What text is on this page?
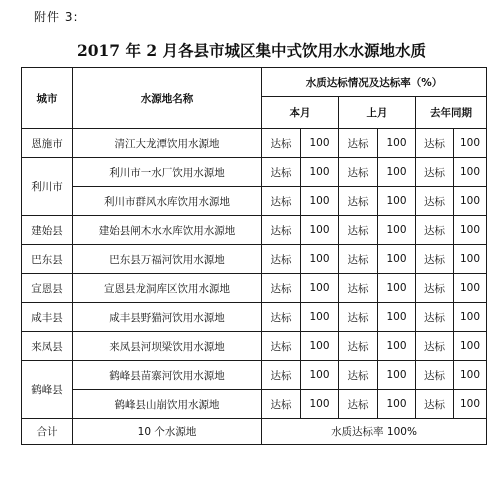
附件 3:
2017 年 2 月各县市城区集中式饮用水水源地水质
城市	水源地名称	水质达标情况及达标率（%）					
		本月		上月		去年同期	
恩施市	清江大龙潭饮用水源地	达标	100	达标	100	达标	100
利川市	利川市一水厂饮用水源地	达标	100	达标	100	达标	100
	利川市群风水库饮用水源地	达标	100	达标	100	达标	100
建始县	建始县闸木水水库饮用水源地	达标	100	达标	100	达标	100
巴东县	巴东县万福河饮用水源地	达标	100	达标	100	达标	100
宣恩县	宣恩县龙洞库区饮用水源地	达标	100	达标	100	达标	100
咸丰县	咸丰县野猫河饮用水源地	达标	100	达标	100	达标	100
来凤县	来凤县河坝梁饮用水源地	达标	100	达标	100	达标	100
鹤峰县	鹤峰县苗寨河饮用水源地	达标	100	达标	100	达标	100
	鹤峰县山崩饮用水源地	达标	100	达标	100	达标	100
合计	10 个水源地	水质达标率 100%					
